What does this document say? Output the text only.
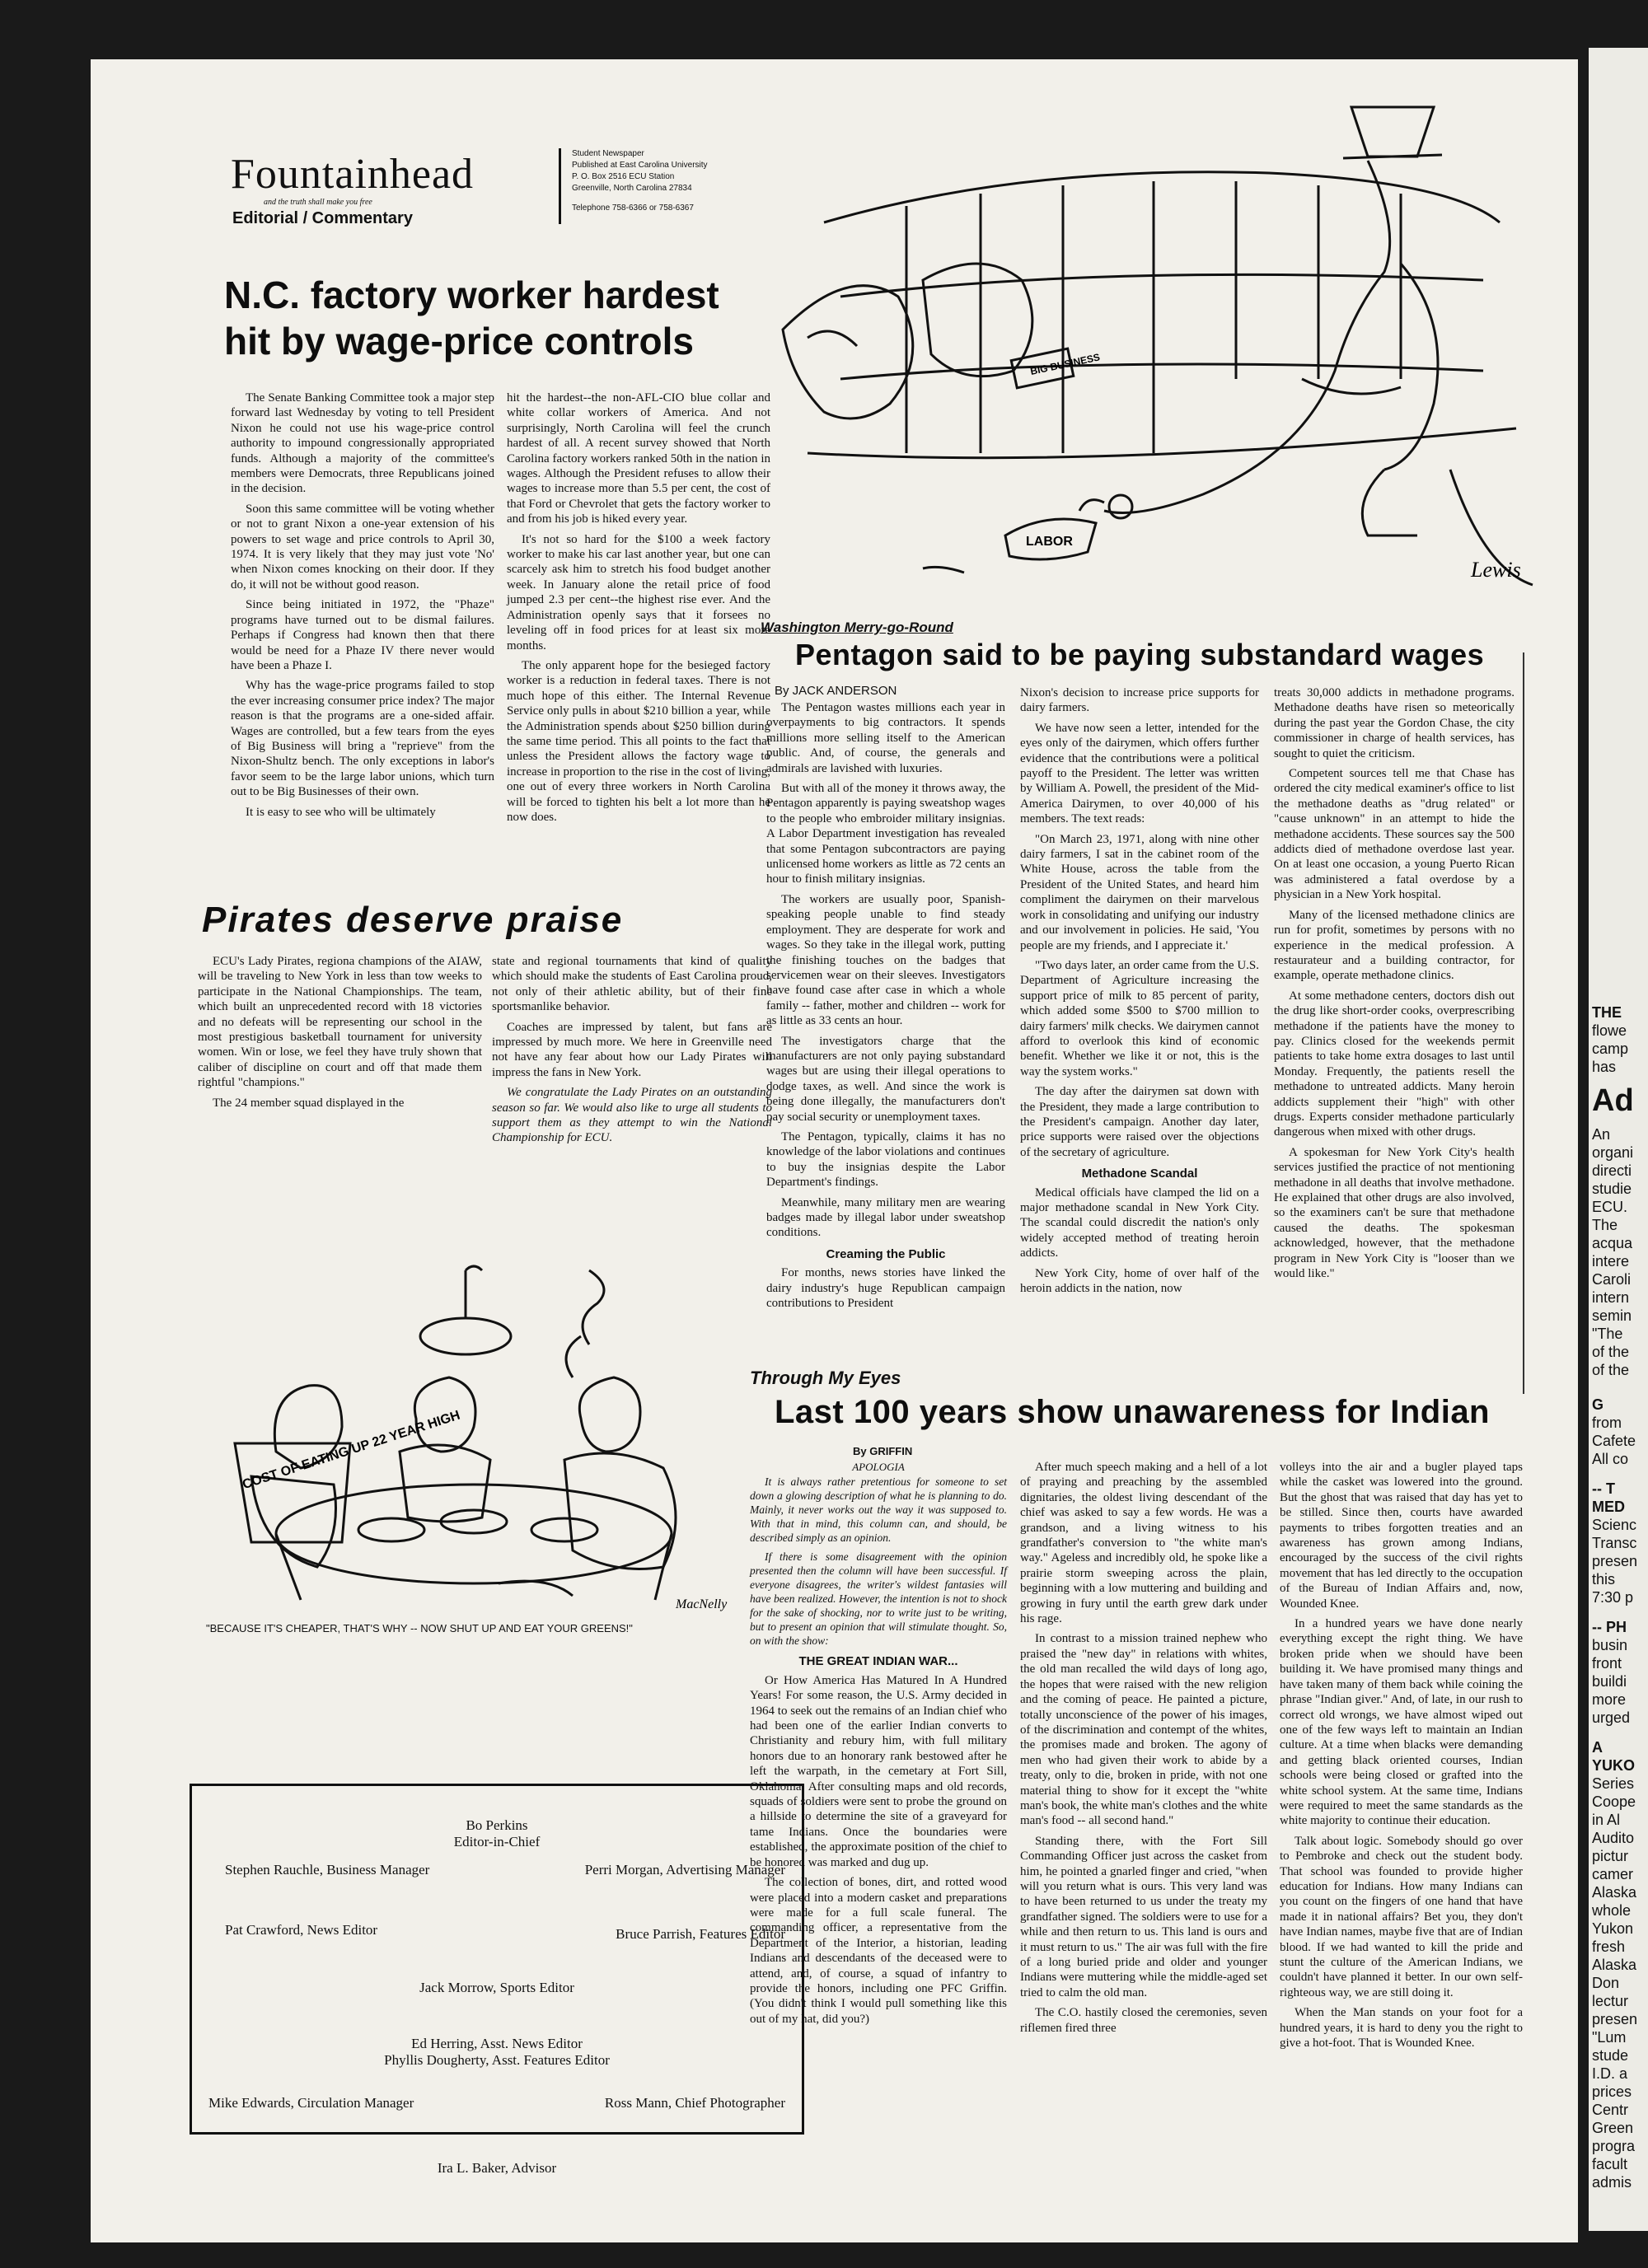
Fountainhead
and the truth shall make you free
Editorial / Commentary
Student Newspaper
Published at East Carolina University
P. O. Box 2516 ECU Station
Greenville, North Carolina 27834
Telephone 758-6366 or 758-6367
N.C. factory worker hardest
hit by wage-price controls

The Senate Banking Committee took a major step forward last Wednesday by voting to tell President Nixon he could not use his wage-price control authority to impound congressionally appropriated funds. Although a majority of the committee's members were Democrats, three Republicans joined in the decision.

Soon this same committee will be voting whether or not to grant Nixon a one-year extension of his powers to set wage and price controls to April 30, 1974. It is very likely that they may just vote 'No' when Nixon comes knocking on their door. If they do, it will not be without good reason.

Since being initiated in 1972, the "Phaze" programs have turned out to be dismal failures. Perhaps if Congress had known then that there would be need for a Phaze IV there never would have been a Phaze I.

Why has the wage-price programs failed to stop the ever increasing consumer price index? The major reason is that the programs are a one-sided affair. Wages are controlled, but a few tears from the eyes of Big Business will bring a "reprieve" from the Nixon-Shultz bench. The only exceptions in labor's favor seem to be the large labor unions, which turn out to be Big Businesses of their own.

It is easy to see who will be ultimately

hit the hardest--the non-AFL-CIO blue collar and white collar workers of America. And not surprisingly, North Carolina will feel the crunch hardest of all. A recent survey showed that North Carolina factory workers ranked 50th in the nation in wages. Although the President refuses to allow their wages to increase more than 5.5 per cent, the cost of that Ford or Chevrolet that gets the factory worker to and from his job is hiked every year.

It's not so hard for the $100 a week factory worker to make his car last another year, but one can scarcely ask him to stretch his food budget another week. In January alone the retail price of food jumped 2.3 per cent--the highest rise ever. And the Administration openly says that it forsees no leveling off in food prices for at least six more months.

The only apparent hope for the besieged factory worker is a reduction in federal taxes. There is not much hope of this either. The Internal Revenue Service only pulls in about $210 billion a year, while the Administration spends about $250 billion during the same time period. This all points to the fact that unless the President allows the factory wage to increase in proportion to the rise in the cost of living, one out of every three workers in North Carolina will be forced to tighten his belt a lot more than he now does.

Pirates deserve praise

ECU's Lady Pirates, regiona champions of the AIAW, will be traveling to New York in less than tow weeks to participate in the National Championships. The team, which built an unprecedented record with 18 victories and no defeats will be representing our school in the most prestigious basketball tournament for university women. Win or lose, we feel they have truly shown that caliber of discipline on court and off that made them rightful "champions."

The 24 member squad displayed in the

state and regional tournaments that kind of quality which should make the students of East Carolina proud, not only of their athletic ability, but of their fine sportsmanlike behavior.

Coaches are impressed by talent, but fans are impressed by much more. We here in Greenville need not have any fear about how our Lady Pirates will impress the fans in New York.

We congratulate the Lady Pirates on an outstanding season so far. We would also like to urge all students to support them as they attempt to win the National Championship for ECU.

BIG BUSINESS
LABOR
Lewis
Washington Merry-go-Round
Pentagon said to be paying substandard wages
By JACK ANDERSON

The Pentagon wastes millions each year in overpayments to big contractors. It spends millions more selling itself to the American public. And, of course, the generals and admirals are lavished with luxuries.

But with all of the money it throws away, the Pentagon apparently is paying sweatshop wages to the people who embroider military insignias. A Labor Department investigation has revealed that some Pentagon subcontractors are paying unlicensed home workers as little as 72 cents an hour to finish military insignias.

The workers are usually poor, Spanish-speaking people unable to find steady employment. They are desperate for work and wages. So they take in the illegal work, putting the finishing touches on the badges that servicemen wear on their sleeves. Investigators have found case after case in which a whole family -- father, mother and children -- work for as little as 33 cents an hour.

The investigators charge that the manufacturers are not only paying substandard wages but are using their illegal operations to dodge taxes, as well. And since the work is being done illegally, the manufacturers don't pay social security or unemployment taxes.

The Pentagon, typically, claims it has no knowledge of the labor violations and continues to buy the insignias despite the Labor Department's findings.

Meanwhile, many military men are wearing badges made by illegal labor under sweatshop conditions.

Creaming the Public

For months, news stories have linked the dairy industry's huge Republican campaign contributions to President

Nixon's decision to increase price supports for dairy farmers.

We have now seen a letter, intended for the eyes only of the dairymen, which offers further evidence that the contributions were a political payoff to the President. The letter was written by William A. Powell, the president of the Mid-America Dairymen, to over 40,000 of his members. The text reads:

"On March 23, 1971, along with nine other dairy farmers, I sat in the cabinet room of the White House, across the table from the President of the United States, and heard him compliment the dairymen on their marvelous work in consolidating and unifying our industry and our involvement in policies. He said, 'You people are my friends, and I appreciate it.'

"Two days later, an order came from the U.S. Department of Agriculture increasing the support price of milk to 85 percent of parity, which added some $500 to $700 million to dairy farmers' milk checks. We dairymen cannot afford to overlook this kind of economic benefit. Whether we like it or not, this is the way the system works."

The day after the dairymen sat down with the President, they made a large contribution to the President's campaign. Another day later, price supports were raised over the objections of the secretary of agriculture.

Methadone Scandal

Medical officials have clamped the lid on a major methadone scandal in New York City. The scandal could discredit the nation's only widely accepted method of treating heroin addicts.

New York City, home of over half of the heroin addicts in the nation, now

treats 30,000 addicts in methadone programs. Methadone deaths have risen so meteorically during the past year the Gordon Chase, the city commissioner in charge of health services, has sought to quiet the criticism.

Competent sources tell me that Chase has ordered the city medical examiner's office to list the methadone deaths as "drug related" or "cause unknown" in an attempt to hide the methadone accidents. These sources say the 500 addicts died of methadone overdose last year. On at least one occasion, a young Puerto Rican was administered a fatal overdose by a physician in a New York hospital.

Many of the licensed methadone clinics are run for profit, sometimes by persons with no experience in the medical profession. A restaurateur and a building contractor, for example, operate methadone clinics.

At some methadone centers, doctors dish out the drug like short-order cooks, overprescribing methadone if the patients have the money to pay. Clinics closed for the weekends permit patients to take home extra dosages to last until Monday. Frequently, the patients resell the methadone to untreated addicts. Many heroin addicts supplement their "high" with other drugs. Experts consider methadone particularly dangerous when mixed with other drugs.

A spokesman for New York City's health services justified the practice of not mentioning methadone in all deaths that involve methadone. He explained that other drugs are also involved, so the examiners can't be sure that methadone caused the deaths. The spokesman acknowledged, however, that the methadone program in New York City is "looser than we would like."

COST OF EATING UP 22 YEAR HIGH
MacNelly
"BECAUSE IT'S CHEAPER, THAT'S WHY -- NOW SHUT UP AND EAT YOUR GREENS!"
Bo Perkins
Editor-in-Chief
Stephen Rauchle, Business Manager	Perri Morgan, Advertising Manager
Pat Crawford, News Editor	Bruce Parrish, Features Editor
Jack Morrow, Sports Editor
Ed Herring, Asst. News Editor
Phyllis Dougherty, Asst. Features Editor
Mike Edwards, Circulation Manager	Ross Mann, Chief Photographer
Ira L. Baker, Advisor
Through My Eyes
Last 100 years show unawareness for Indian
By GRIFFIN
APOLOGIA

It is always rather pretentious for someone to set down a glowing description of what he is planning to do. Mainly, it never works out the way it was supposed to. With that in mind, this column can, and should, be described simply as an opinion.

If there is some disagreement with the opinion presented then the column will have been successful. If everyone disagrees, the writer's wildest fantasies will have been realized. However, the intention is not to shock for the sake of shocking, nor to write just to be writing, but to present an opinion that will stimulate thought. So, on with the show:

THE GREAT INDIAN WAR...

Or How America Has Matured In A Hundred Years! For some reason, the U.S. Army decided in 1964 to seek out the remains of an Indian chief who had been one of the earlier Indian converts to Christianity and rebury him, with full military honors due to an honorary rank bestowed after he left the warpath, in the cemetary at Fort Sill, Oklahoma. After consulting maps and old records, squads of soldiers were sent to probe the ground on a hillside to determine the site of a graveyard for tame Indians. Once the boundaries were established, the approximate position of the chief to be honored was marked and dug up.

The collection of bones, dirt, and rotted wood were placed into a modern casket and preparations were made for a full scale funeral. The commanding officer, a representative from the Department of the Interior, a historian, leading Indians and descendants of the deceased were to attend, and, of course, a squad of infantry to provide the honors, including one PFC Griffin. (You didn't think I would pull something like this out of my hat, did you?)

After much speech making and a hell of a lot of praying and preaching by the assembled dignitaries, the oldest living descendant of the chief was asked to say a few words. He was a grandson, and a living witness to his grandfather's conversion to "the white man's way." Ageless and incredibly old, he spoke like a prairie storm sweeping across the plain, beginning with a low muttering and building and growing in fury until the earth grew dark under his rage.

In contrast to a mission trained nephew who praised the "new day" in relations with whites, the old man recalled the wild days of long ago, the hopes that were raised with the new religion and the coming of peace. He painted a picture, totally unconscience of the power of his images, of the discrimination and contempt of the whites, the promises made and broken. The agony of men who had given their work to abide by a treaty, only to die, broken in pride, with not one material thing to show for it except the "white man's book, the white man's clothes and the white man's food -- all second hand."

Standing there, with the Fort Sill Commanding Officer just across the casket from him, he pointed a gnarled finger and cried, "when will you return what is ours. This very land was to have been returned to us under the treaty my grandfather signed. The soldiers were to use for a while and then return to us. This land is ours and it must return to us." The air was full with the fire of a long buried pride and older and younger Indians were muttering while the middle-aged set tried to calm the old man.

The C.O. hastily closed the ceremonies, seven riflemen fired three

volleys into the air and a bugler played taps while the casket was lowered into the ground. But the ghost that was raised that day has yet to be stilled. Since then, courts have awarded payments to tribes forgotten treaties and an awareness has grown among Indians, encouraged by the success of the civil rights movement that has led directly to the occupation of the Bureau of Indian Affairs and, now, Wounded Knee.

In a hundred years we have done nearly everything except the right thing. We have broken pride when we should have been building it. We have promised many things and have taken many of them back while coining the phrase "Indian giver." And, of late, in our rush to correct old wrongs, we have almost wiped out one of the few ways left to maintain an Indian culture. At a time when blacks were demanding and getting black oriented courses, Indian schools were being closed or grafted into the white school system. At the same time, Indians were required to meet the same standards as the white majority to continue their education.

Talk about logic. Somebody should go over to Pembroke and check out the student body. That school was founded to provide higher education for Indians. How many Indians can you count on the fingers of one hand that have made it in national affairs? Bet you, they don't have Indian names, maybe five that are of Indian blood. If we had wanted to kill the pride and stunt the culture of the American Indians, we couldn't have planned it better. In our own self-righteous way, we are still doing it.

When the Man stands on your foot for a hundred years, it is hard to deny you the right to give a hot-foot. That is Wounded Knee.

THE
flowe
camp
has
Ad
An
organi
directi
studie
ECU.
The
acqua
intere
Caroli
intern
semin
"The
of the
of the
G
from
Cafete
All co
-- T
MED
Scienc
Transc
presen
this
7:30 p
-- PH
busin
front
buildi
more
urged
A
YUKO
Series
Coope
in Al
Audito
pictur
camer
Alaska
whole
Yukon
fresh
Alaska
Don
lectur
presen
"Lum
stude
I.D. a
prices
Centr
Green
progra
facult
admis
